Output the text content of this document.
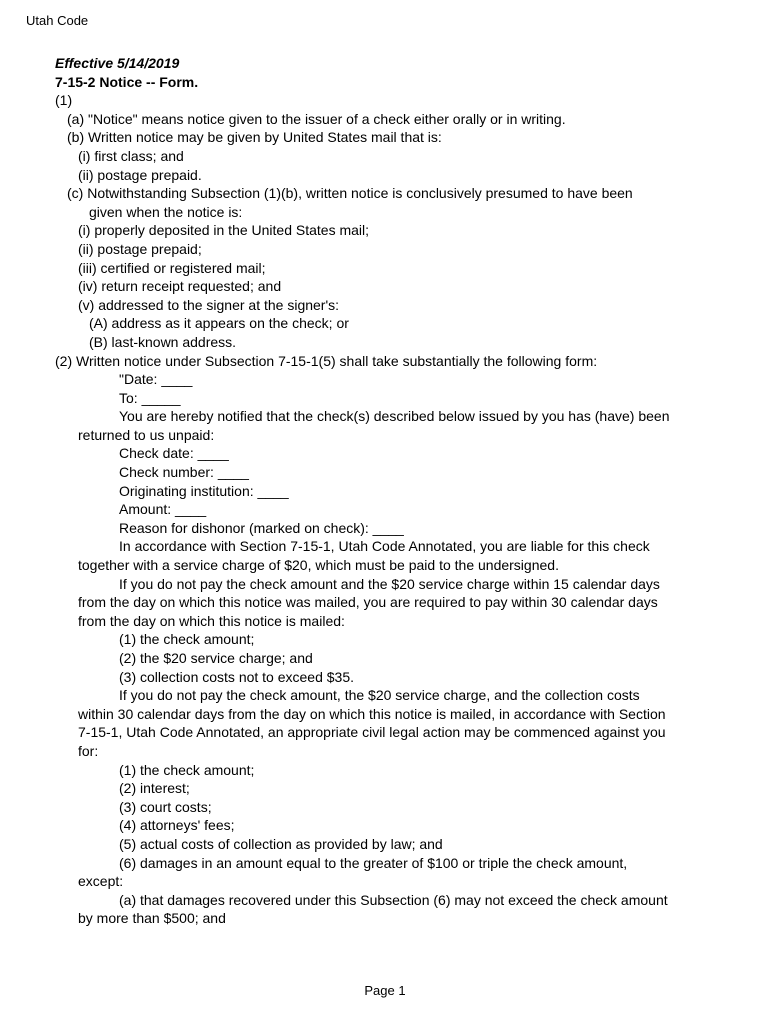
Utah Code
Effective 5/14/2019
7-15-2 Notice -- Form.
(1)
(a) "Notice" means notice given to the issuer of a check either orally or in writing.
(b) Written notice may be given by United States mail that is:
(i) first class; and
(ii) postage prepaid.
(c) Notwithstanding Subsection (1)(b), written notice is conclusively presumed to have been
given when the notice is:
(i) properly deposited in the United States mail;
(ii) postage prepaid;
(iii) certified or registered mail;
(iv) return receipt requested; and
(v) addressed to the signer at the signer's:
(A) address as it appears on the check; or
(B) last-known address.
(2) Written notice under Subsection 7-15-1(5) shall take substantially the following form:
"Date: ____
To: _____
You are hereby notified that the check(s) described below issued by you has (have) been
returned to us unpaid:
Check date: ____
Check number: ____
Originating institution: ____
Amount: ____
Reason for dishonor (marked on check): ____
In accordance with Section 7-15-1, Utah Code Annotated, you are liable for this check
together with a service charge of $20, which must be paid to the undersigned.
If you do not pay the check amount and the $20 service charge within 15 calendar days
from the day on which this notice was mailed, you are required to pay within 30 calendar days
from the day on which this notice is mailed:
(1) the check amount;
(2) the $20 service charge; and
(3) collection costs not to exceed $35.
If you do not pay the check amount, the $20 service charge, and the collection costs
within 30 calendar days from the day on which this notice is mailed, in accordance with Section
7-15-1, Utah Code Annotated, an appropriate civil legal action may be commenced against you
for:
(1) the check amount;
(2) interest;
(3) court costs;
(4) attorneys' fees;
(5) actual costs of collection as provided by law; and
(6) damages in an amount equal to the greater of $100 or triple the check amount,
except:
(a) that damages recovered under this Subsection (6) may not exceed the check amount
by more than $500; and
Page 1
